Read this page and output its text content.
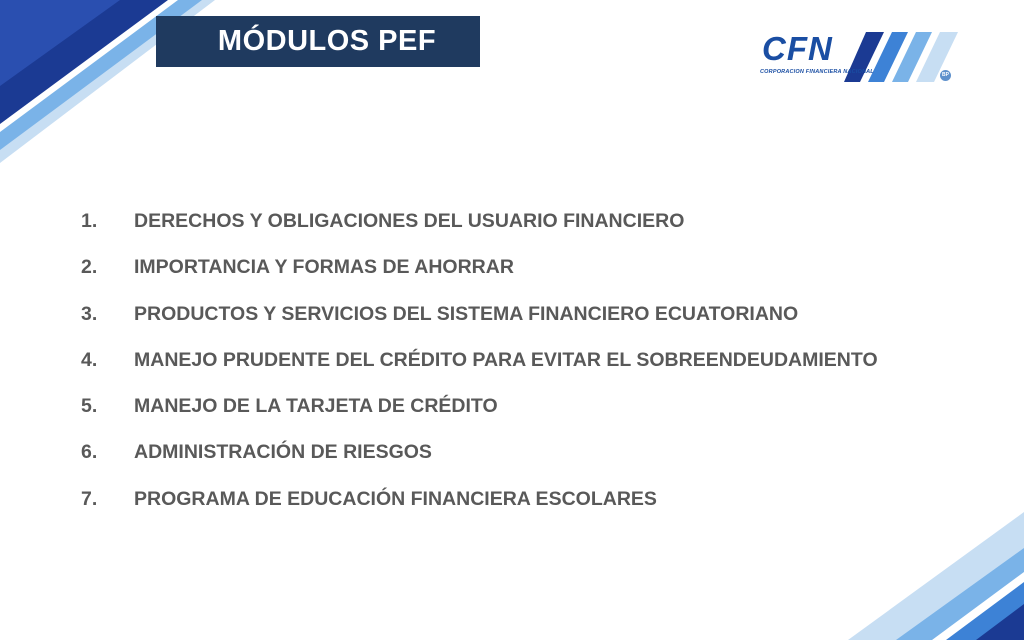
MÓDULOS PEF	CFN
CORPORACION FINANCIERA NACIONAL	BP
1.	DERECHOS Y OBLIGACIONES DEL USUARIO FINANCIERO
2.	IMPORTANCIA Y FORMAS DE AHORRAR
3.	PRODUCTOS Y SERVICIOS DEL SISTEMA FINANCIERO ECUATORIANO
4.	MANEJO PRUDENTE DEL CRÉDITO PARA EVITAR EL SOBREENDEUDAMIENTO
5.	MANEJO DE LA TARJETA DE CRÉDITO
6.	ADMINISTRACIÓN DE RIESGOS
7.	PROGRAMA DE EDUCACIÓN FINANCIERA ESCOLARES
